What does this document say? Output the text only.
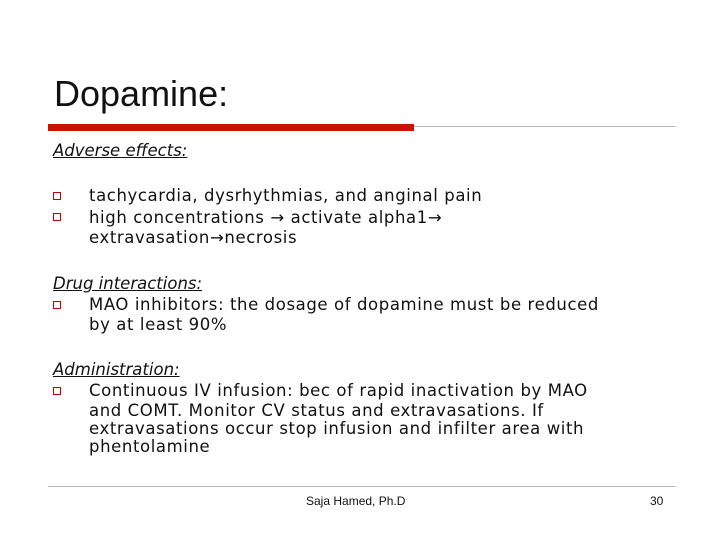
Dopamine:
Adverse effects:
tachycardia, dysrhythmias, and anginal pain
high concentrations → activate alpha1→
extravasation→necrosis
Drug interactions:
MAO inhibitors: the dosage of dopamine must be reduced
by at least 90%
Administration:
Continuous IV infusion: bec of rapid inactivation by MAO
and COMT. Monitor CV status and extravasations. If
extravasations occur stop infusion and infilter area with
phentolamine
Saja Hamed, Ph.D	30
